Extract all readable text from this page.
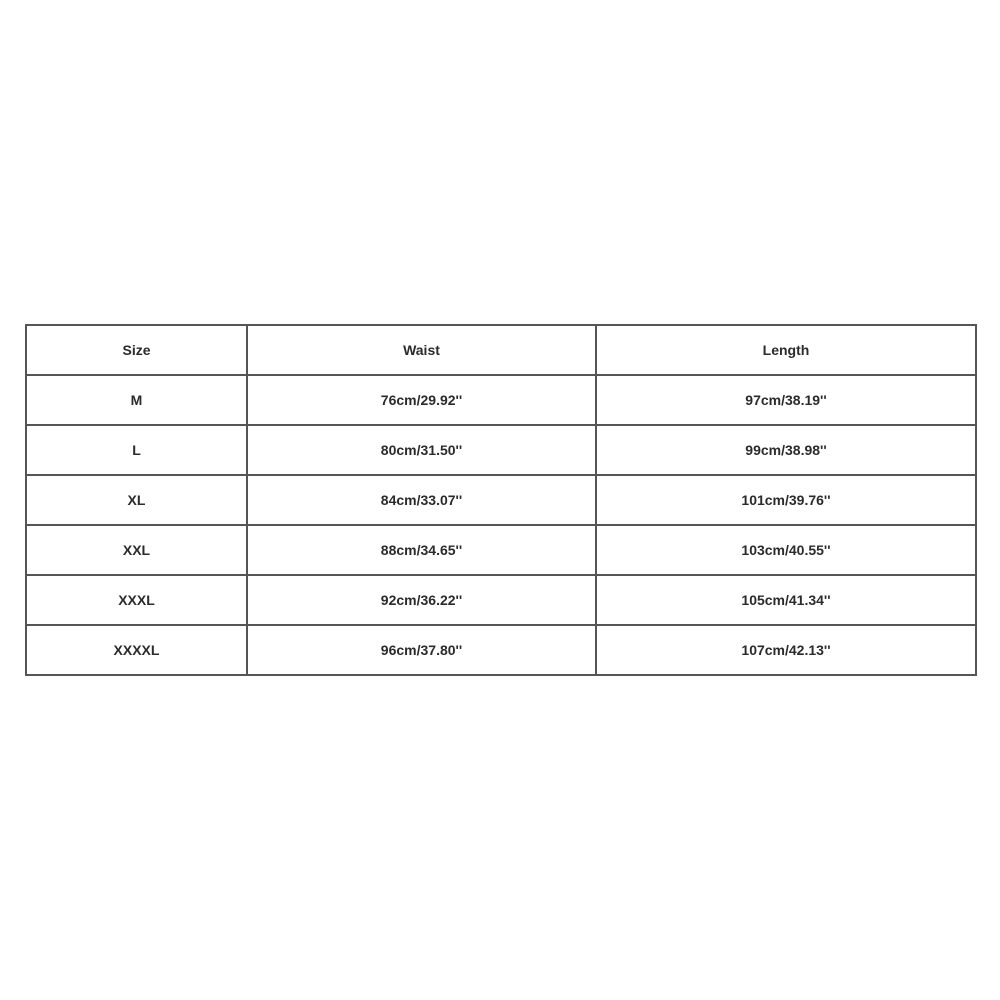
Size	Waist	Length
M	76cm/29.92''	97cm/38.19''
L	80cm/31.50''	99cm/38.98''
XL	84cm/33.07''	101cm/39.76''
XXL	88cm/34.65''	103cm/40.55''
XXXL	92cm/36.22''	105cm/41.34''
XXXXL	96cm/37.80''	107cm/42.13''
